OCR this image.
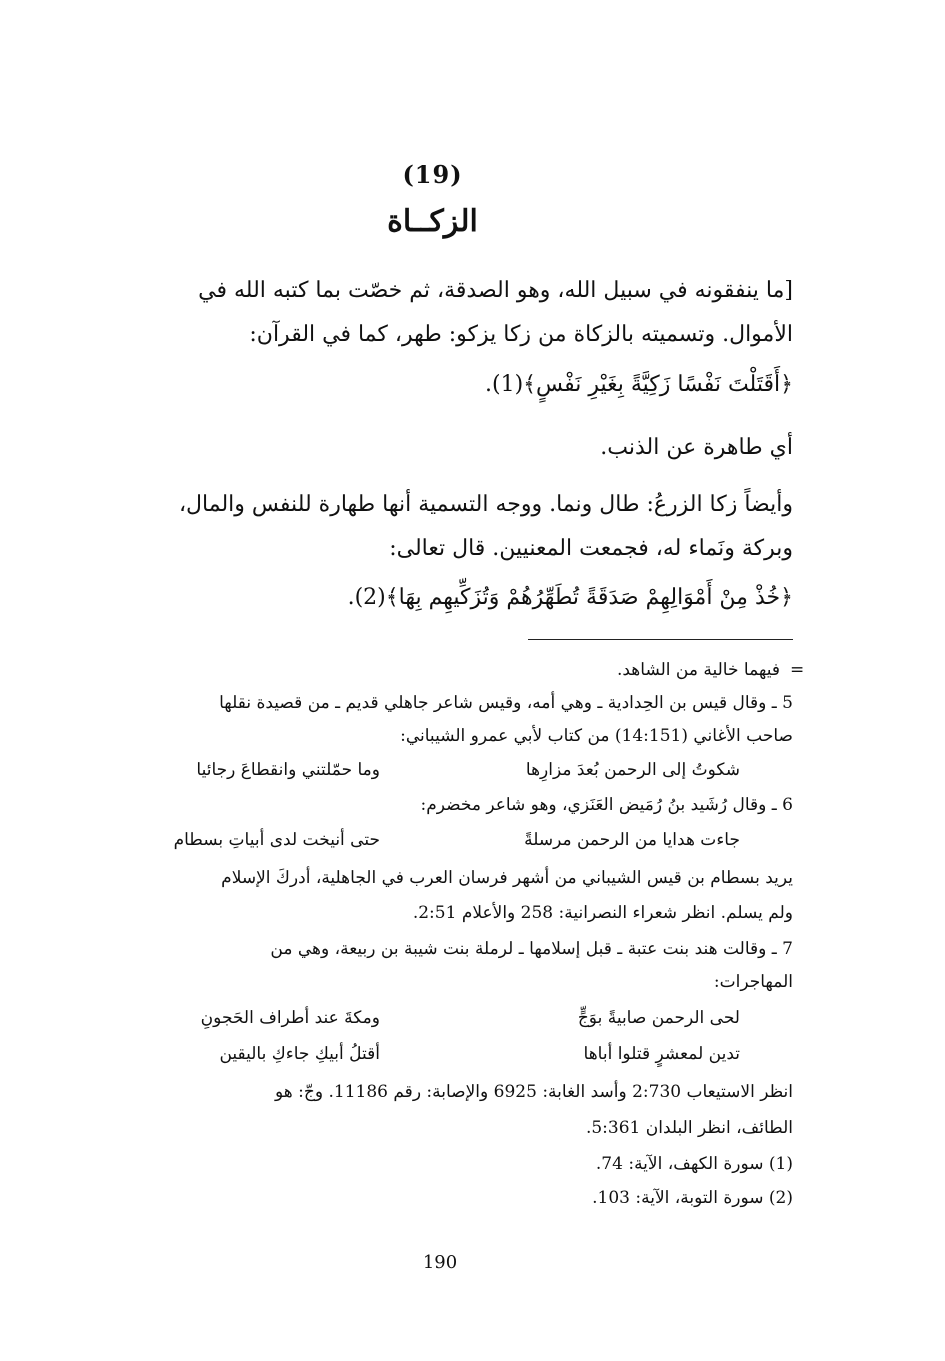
(19)
الزكــاة
[ما ينفقونه في سبيل الله، وهو الصدقة، ثم خصّت بما كتبه الله في
الأموال. وتسميته بالزكاة من زكا يزكو: طهر، كما في القرآن:
﴿أَقَتَلْتَ نَفْسًا زَكِيَّةً بِغَيْرِ نَفْسٍ﴾(1).
أي طاهرة عن الذنب.
وأيضاً زكا الزرعُ: طال ونما. ووجه التسمية أنها طهارة للنفس والمال،
وبركة ونَماء له، فجمعت المعنيين. قال تعالى:
﴿خُذْ مِنْ أَمْوَالِهِمْ صَدَقَةً تُطَهِّرُهُمْ وَتُزَكِّيهِم بِهَا﴾(2).
=
فيهما خالية من الشاهد.
5 ـ وقال قيس بن الحِدادية ـ وهي أمه، وقيس شاعر جاهلي قديم ـ من قصيدة نقلها
صاحب الأغاني (14:151) من كتاب لأبي عمرو الشيباني:
شكوتُ إلى الرحمن بُعدَ مزارِها
وما حمّلتني وانقطاعَ رجائيا
6 ـ وقال رُشَيد بنُ رُمَيض العَنَزي، وهو شاعر مخضرم:
جاءت هدايا من الرحمن مرسلةً
حتى أنيخت لدى أبياتِ بسطام
يريد بسطام بن قيس الشيباني من أشهر فرسان العرب في الجاهلية، أدركَ الإسلام
ولم يسلم. انظر شعراء النصرانية: 258 والأعلام 2:51.
7 ـ وقالت هند بنت عتبة ـ قبل إسلامها ـ لرملة بنت شيبة بن ربيعة، وهي من
المهاجرات:
لحى الرحمن صابيةً بوَجٍّ
ومكةَ عند أطراف الحَجونِ
تدين لمعشرٍ قتلوا أباها
أقتلُ أبيكِ جاءكِ باليقين
انظر الاستيعاب 2:730 وأسد الغابة: 6925 والإصابة: رقم 11186. وجّ: هو
الطائف، انظر البلدان 5:361.
(1) سورة الكهف، الآية: 74.
(2) سورة التوبة، الآية: 103.
190
